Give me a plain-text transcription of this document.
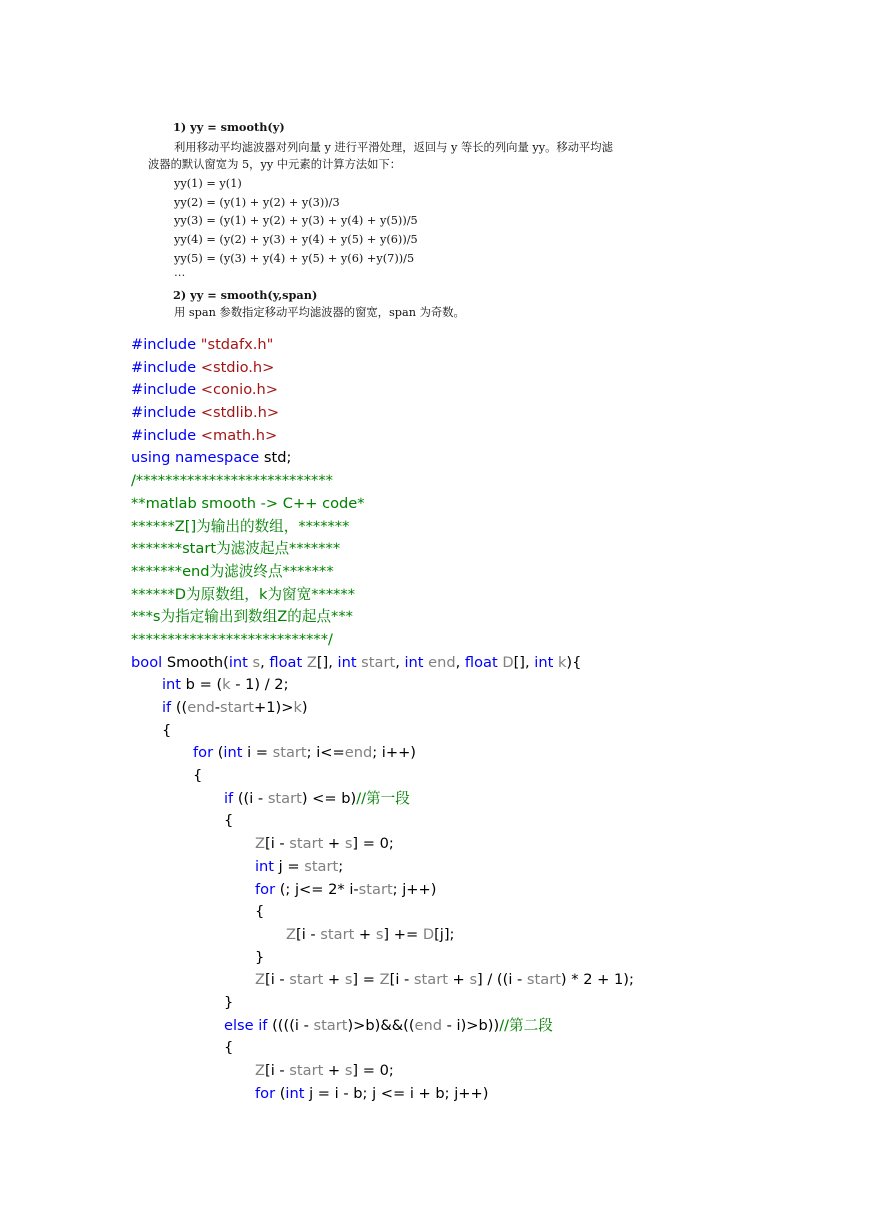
1) yy = smooth(y)
利用移动平均滤波器对列向量 y 进行平滑处理，返回与 y 等长的列向量 yy。移动平均滤
波器的默认窗宽为 5，yy 中元素的计算方法如下：
yy(1) = y(1)
yy(2) = (y(1) + y(2) + y(3))/3
yy(3) = (y(1) + y(2) + y(3) + y(4) + y(5))/5
yy(4) = (y(2) + y(3) + y(4) + y(5) + y(6))/5
yy(5) = (y(3) + y(4) + y(5) + y(6) +y(7))/5
…
2) yy = smooth(y,span)
用 span 参数指定移动平均滤波器的窗宽，span 为奇数。
#include "stdafx.h"
#include <stdio.h>
#include <conio.h>
#include <stdlib.h>
#include <math.h>
using namespace std;
/***************************
**matlab smooth -> C++ code*
******Z[]为输出的数组，*******
*******start为滤波起点*******
*******end为滤波终点*******
******D为原数组，k为窗宽******
***s为指定输出到数组Z的起点***
***************************/
bool Smooth(int s, float Z[], int start, int end, float D[], int k){
int b = (k - 1) / 2;
if ((end-start+1)>k)
{
for (int i = start; i<=end; i++)
{
if ((i - start) <= b)//第一段
{
Z[i - start + s] = 0;
int j = start;
for (; j<= 2* i-start; j++)
{
Z[i - start + s] += D[j];
}
Z[i - start + s] = Z[i - start + s] / ((i - start) * 2 + 1);
}
else if ((((i - start)>b)&&((end - i)>b))//第二段
{
Z[i - start + s] = 0;
for (int j = i - b; j <= i + b; j++)
